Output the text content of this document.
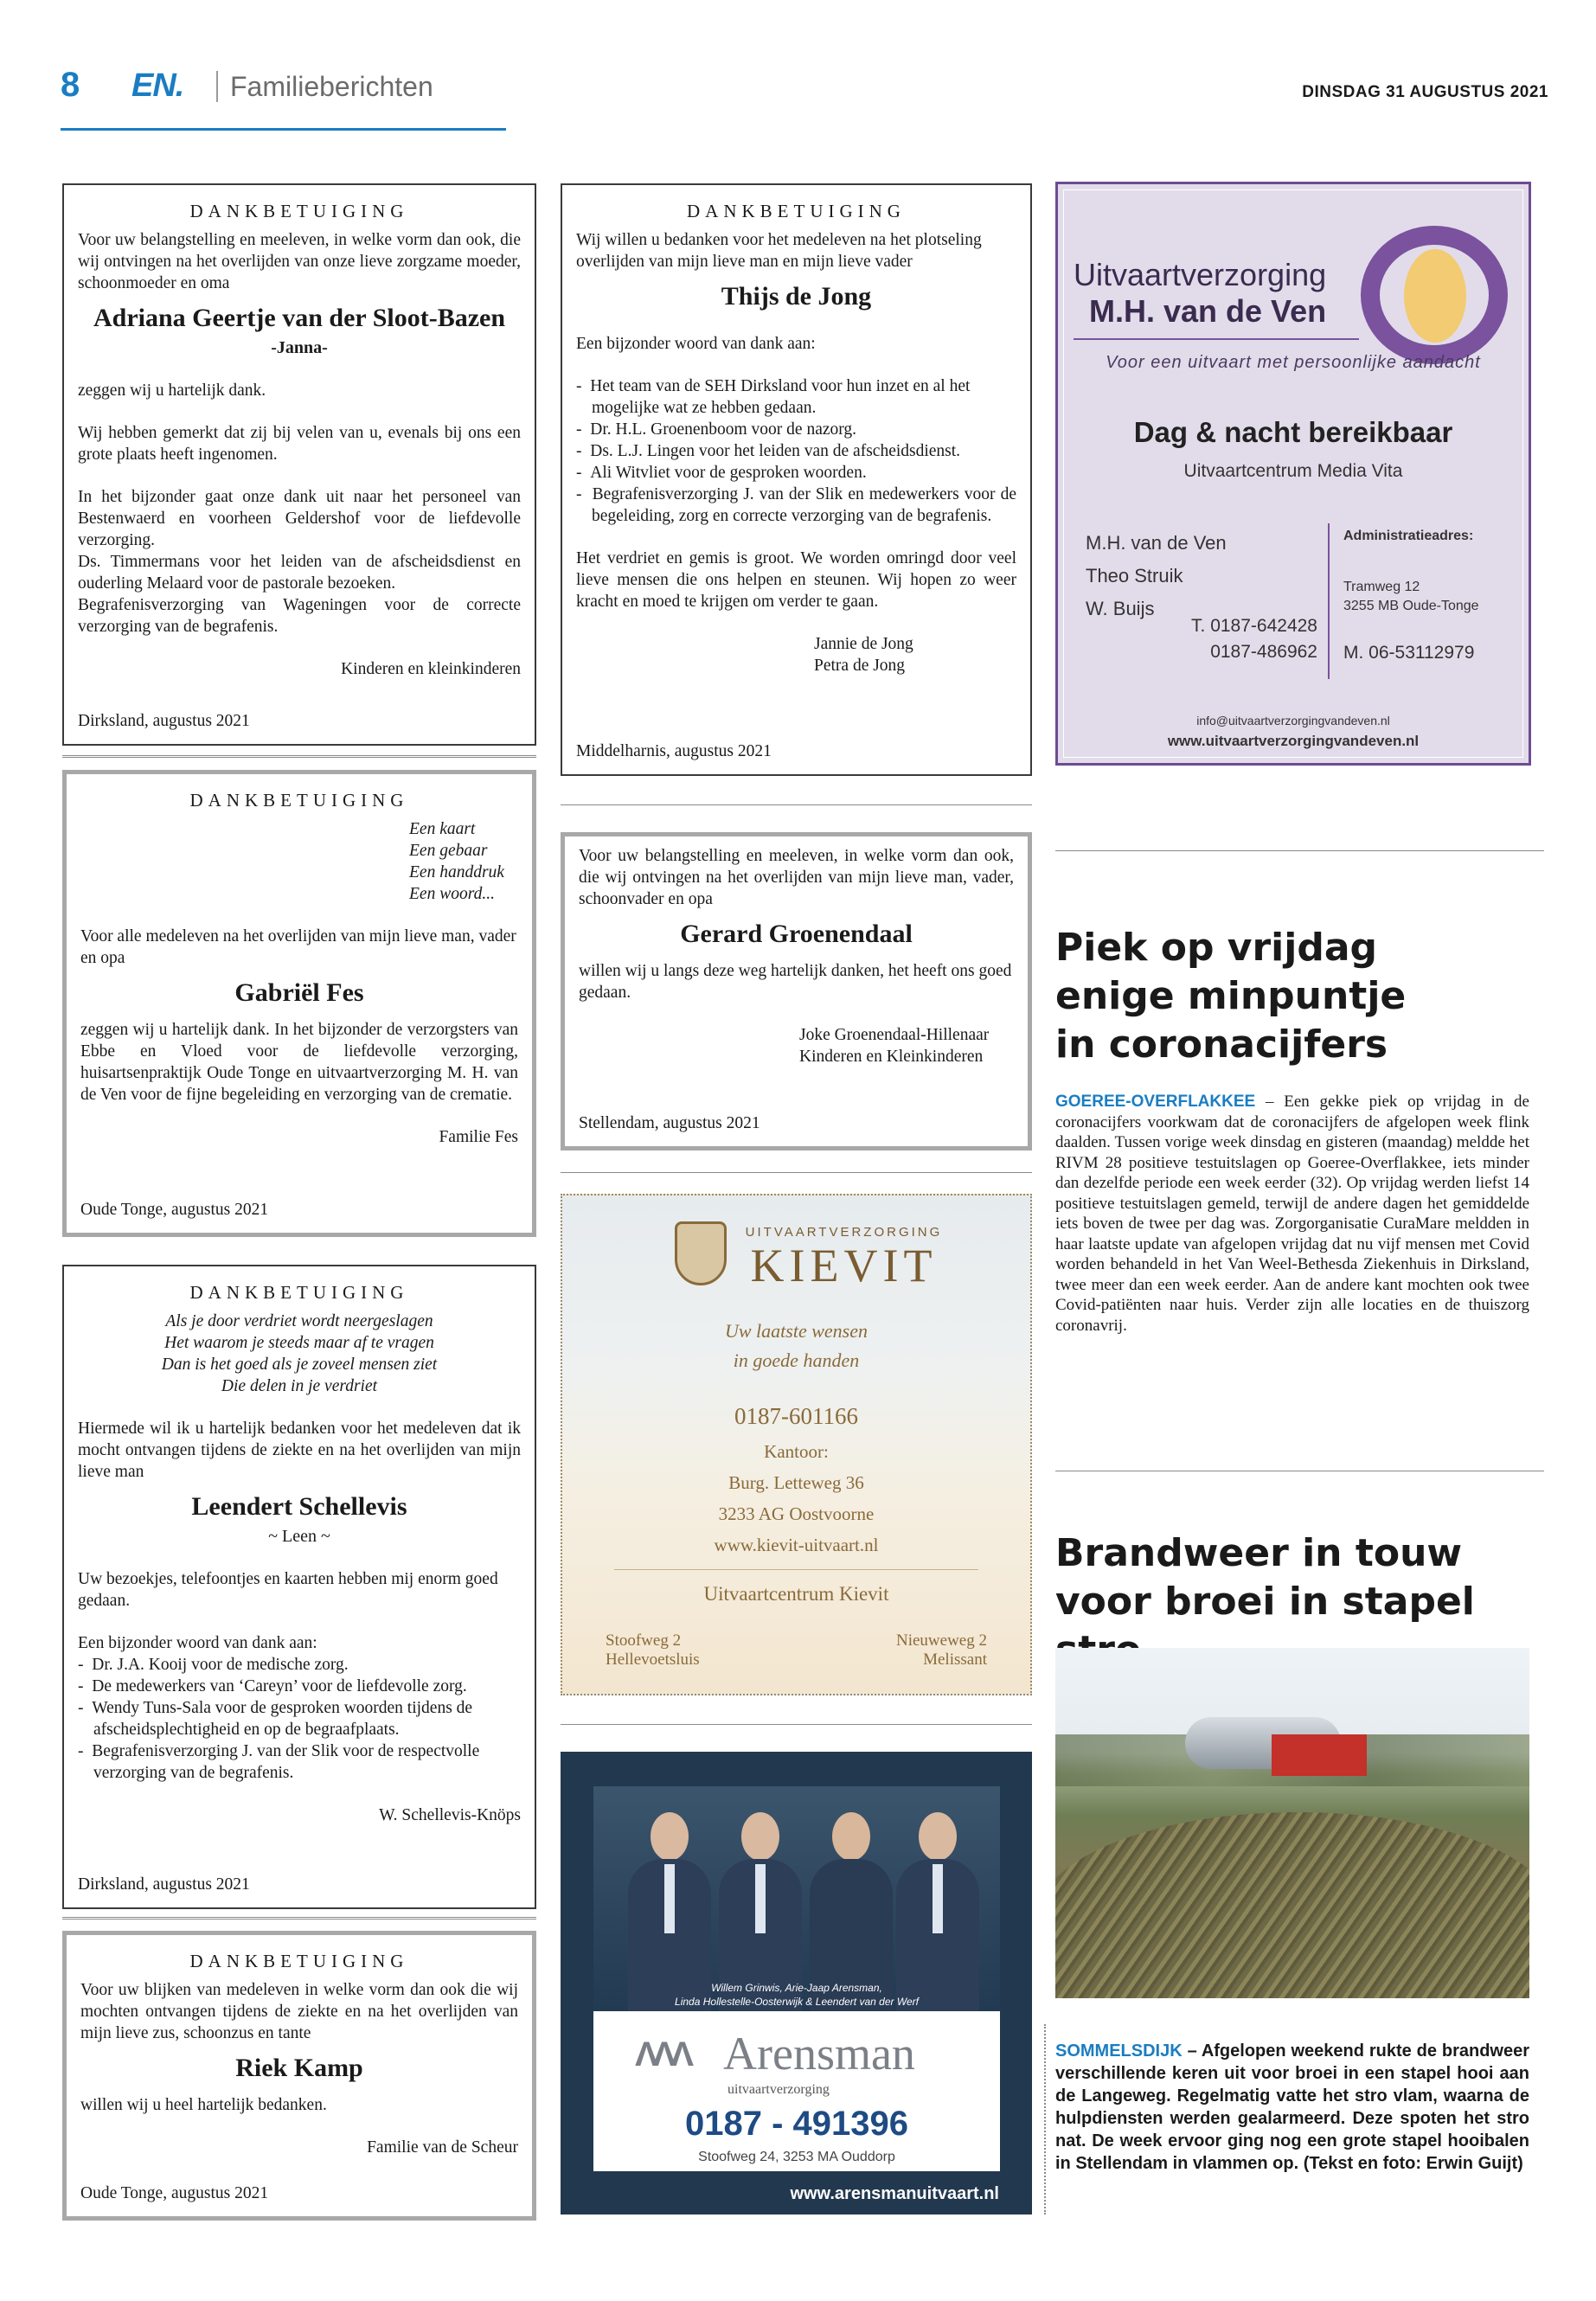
8 EN.	Familieberichten	DINSDAG 31 AUGUSTUS 2021
DANKBETUIGING
Voor uw belangstelling en meeleven, in welke vorm dan ook, die wij ontvingen na het overlijden van onze lieve zorgzame moeder, schoonmoeder en oma
Adriana Geertje van der Sloot-Bazen
-Janna-
zeggen wij u hartelijk dank.
Wij hebben gemerkt dat zij bij velen van u, evenals bij ons een grote plaats heeft ingenomen.
In het bijzonder gaat onze dank uit naar het personeel van Bestenwaerd en voorheen Geldershof voor de liefdevolle verzorging.
Ds. Timmermans voor het leiden van de afscheidsdienst en ouderling Melaard voor de pastorale bezoeken.
Begrafenisverzorging van Wageningen voor de correcte verzorging van de begrafenis.
Kinderen en kleinkinderen
Dirksland, augustus 2021
DANKBETUIGING
Een kaart
Een gebaar
Een handdruk
Een woord...
Voor alle medeleven na het overlijden van mijn lieve man, vader en opa
Gabriël Fes
zeggen wij u hartelijk dank. In het bijzonder de verzorgsters van Ebbe en Vloed voor de liefdevolle verzorging, huisartsenpraktijk Oude Tonge en uitvaartverzorging M. H. van de Ven voor de fijne begeleiding en verzorging van de crematie.
Familie Fes
Oude Tonge, augustus 2021
DANKBETUIGING
Als je door verdriet wordt neergeslagen
Het waarom je steeds maar af te vragen
Dan is het goed als je zoveel mensen ziet
Die delen in je verdriet
Hiermede wil ik u hartelijk bedanken voor het medeleven dat ik mocht ontvangen tijdens de ziekte en na het overlijden van mijn lieve man
Leendert Schellevis
~ Leen ~
Uw bezoekjes, telefoontjes en kaarten hebben mij enorm goed gedaan.
Een bijzonder woord van dank aan:
-  Dr. J.A. Kooij voor de medische zorg.
-  De medewerkers van ‘Careyn’ voor de liefdevolle zorg.
-  Wendy Tuns-Sala voor de gesproken woorden tijdens de afscheidsplechtigheid en op de begraafplaats.
-  Begrafenisverzorging J. van der Slik voor de respectvolle verzorging van de begrafenis.
W. Schellevis-Knöps
Dirksland, augustus 2021
DANKBETUIGING
Voor uw blijken van medeleven in welke vorm dan ook die wij mochten ontvangen tijdens de ziekte en na het overlijden van mijn lieve zus, schoonzus en tante
Riek Kamp
willen wij u heel hartelijk bedanken.
Familie van de Scheur
Oude Tonge, augustus 2021
DANKBETUIGING
Wij willen u bedanken voor het medeleven na het plotseling overlijden van mijn lieve man en mijn lieve vader
Thijs de Jong
Een bijzonder woord van dank aan:
-  Het team van de SEH Dirksland voor hun inzet en al het mogelijke wat ze hebben gedaan.
-  Dr. H.L. Groenenboom voor de nazorg.
-  Ds. L.J. Lingen voor het leiden van de afscheidsdienst.
-  Ali Witvliet voor de gesproken woorden.
-  Begrafenisverzorging J. van der Slik en medewerkers voor de begeleiding, zorg en correcte verzorging van de begrafenis.
Het verdriet en gemis is groot. We worden omringd door veel lieve mensen die ons helpen en steunen. Wij hopen zo weer kracht en moed te krijgen om verder te gaan.
Jannie de Jong
Petra de Jong
Middelharnis, augustus 2021
Voor uw belangstelling en meeleven, in welke vorm dan ook, die wij ontvingen na het overlijden van mijn lieve man, vader, schoonvader en opa
Gerard Groenendaal
willen wij u langs deze weg hartelijk danken, het heeft ons goed gedaan.
Joke Groenendaal-Hillenaar
Kinderen en Kleinkinderen
Stellendam, augustus 2021
UITVAARTVERZORGING
KIEVIT
Uw laatste wensen
in goede handen
0187-601166
Kantoor:
Burg. Letteweg 36
3233 AG Oostvoorne
www.kievit-uitvaart.nl
Uitvaartcentrum Kievit
Stoofweg 2
Hellevoetsluis
Nieuweweg 2
Melissant
Willem Grinwis, Arie-Jaap Arensman,
Linda Hollestelle-Oosterwijk & Leendert van der Werf
ΛΛΛ Arensman
uitvaartverzorging
0187 - 491396
Stoofweg 24, 3253 MA Ouddorp
www.arensmanuitvaart.nl
Uitvaartverzorging
M.H. van de Ven
Voor een uitvaart met persoonlijke aandacht
Dag & nacht bereikbaar
Uitvaartcentrum Media Vita
M.H. van de Ven
Theo Struik
W. Buijs
T. 0187-642428
0187-486962
Administratieadres:
Tramweg 12
3255 MB Oude-Tonge
M. 06-53112979
info@uitvaartverzorgingvandeven.nl
www.uitvaartverzorgingvandeven.nl
Piek op vrijdag
enige minpuntje
in coronacijfers
GOEREE-OVERFLAKKEE – Een gekke piek op vrijdag in de coronacijfers voorkwam dat de coronacijfers de afgelopen week flink daalden. Tussen vorige week dinsdag en gisteren (maandag) meldde het RIVM 28 positieve testuitslagen op Goeree-Overflakkee, iets minder dan dezelfde periode een week eerder (32). Op vrijdag werden liefst 14 positieve testuitslagen gemeld, terwijl de andere dagen het gemiddelde iets boven de twee per dag was. Zorgorganisatie CuraMare meldden in haar laatste update van afgelopen vrijdag dat nu vijf mensen met Covid worden behandeld in het Van Weel-Bethesda Ziekenhuis in Dirksland, twee meer dan een week eerder. Aan de andere kant mochten ook twee Covid-patiënten naar huis. Verder zijn alle locaties en de thuiszorg coronavrij.
Brandweer in touw
voor broei in stapel
SOMMELSDIJK – Afgelopen weekend rukte de brandweer verschillende keren uit voor broei in een stapel hooi aan de Langeweg. Regelmatig vatte het stro vlam, waarna de hulpdiensten werden gealarmeerd. Deze spoten het stro nat. De week ervoor ging nog een grote stapel hooibalen in Stellendam in vlammen op. (Tekst en foto: Erwin Guijt)
